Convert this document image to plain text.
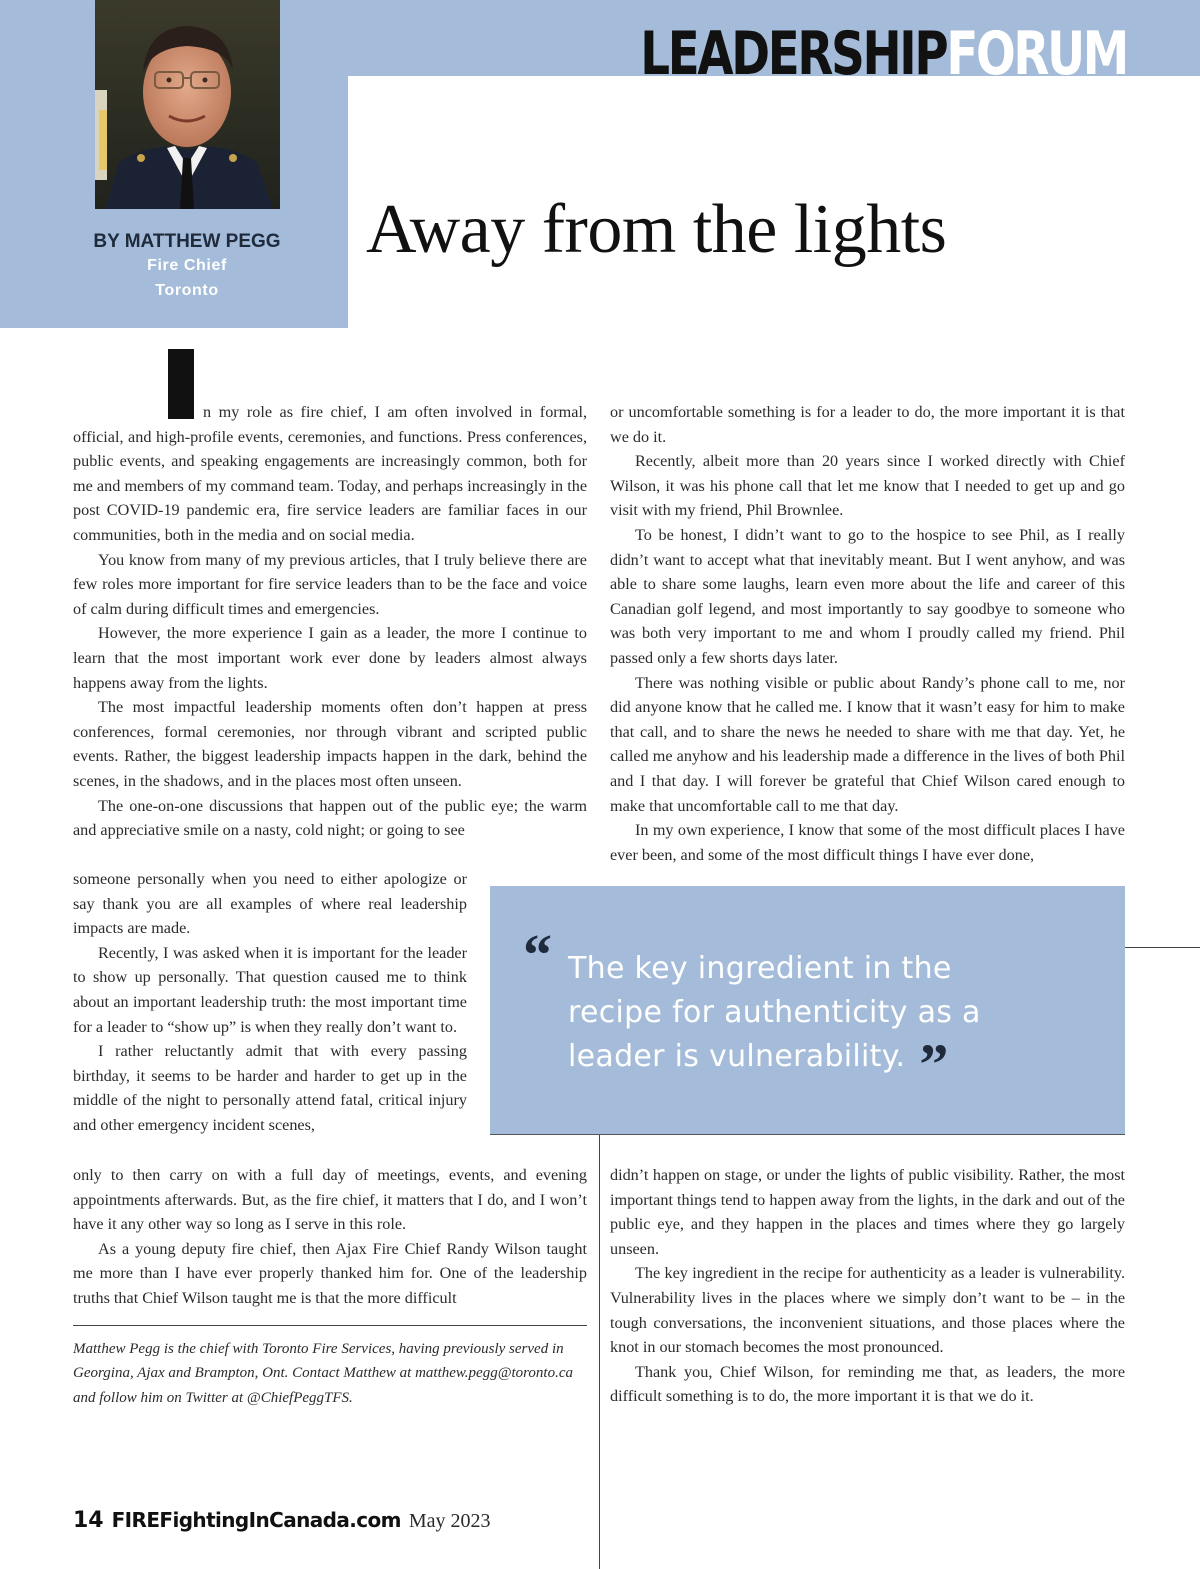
LEADERSHIPFORUM
BY MATTHEW PEGG
Fire Chief
Toronto
Away from the lights

n my role as fire chief, I am often involved in formal, official, and high-profile events, ceremonies, and functions. Press conferences, public events, and speaking engagements are increasingly common, both for me and members of my command team. Today, and perhaps increasingly in the post COVID-19 pandemic era, fire service leaders are familiar faces in our communities, both in the media and on social media.

You know from many of my previous articles, that I truly believe there are few roles more important for fire service leaders than to be the face and voice of calm during difficult times and emergencies.

However, the more experience I gain as a leader, the more I continue to learn that the most important work ever done by leaders almost always happens away from the lights.

The most impactful leadership moments often don’t happen at press conferences, formal ceremonies, nor through vibrant and scripted public events. Rather, the biggest leadership impacts happen in the dark, behind the scenes, in the shadows, and in the places most often unseen.

The one-on-one discussions that happen out of the public eye; the warm and appreciative smile on a nasty, cold night; or going to see

someone personally when you need to either apologize or say thank you are all examples of where real leadership impacts are made.

Recently, I was asked when it is important for the leader to show up personally. That question caused me to think about an important leadership truth: the most important time for a leader to “show up” is when they really don’t want to.

I rather reluctantly admit that with every passing birthday, it seems to be harder and harder to get up in the middle of the night to personally attend fatal, critical injury and other emergency incident scenes,

only to then carry on with a full day of meetings, events, and evening appointments afterwards. But, as the fire chief, it matters that I do, and I won’t have it any other way so long as I serve in this role.

As a young deputy fire chief, then Ajax Fire Chief Randy Wilson taught me more than I have ever properly thanked him for. One of the leadership truths that Chief Wilson taught me is that the more difficult

or uncomfortable something is for a leader to do, the more important it is that we do it.

Recently, albeit more than 20 years since I worked directly with Chief Wilson, it was his phone call that let me know that I needed to get up and go visit with my friend, Phil Brownlee.

To be honest, I didn’t want to go to the hospice to see Phil, as I really didn’t want to accept what that inevitably meant. But I went anyhow, and was able to share some laughs, learn even more about the life and career of this Canadian golf legend, and most importantly to say goodbye to someone who was both very important to me and whom I proudly called my friend. Phil passed only a few shorts days later.

There was nothing visible or public about Randy’s phone call to me, nor did anyone know that he called me. I know that it wasn’t easy for him to make that call, and to share the news he needed to share with me that day. Yet, he called me anyhow and his leadership made a difference in the lives of both Phil and I that day. I will forever be grateful that Chief Wilson cared enough to make that uncomfortable call to me that day.

In my own experience, I know that some of the most difficult places I have ever been, and some of the most difficult things I have ever done,

“ The key ingredient in the recipe for authenticity as a leader is vulnerability. ”

didn’t happen on stage, or under the lights of public visibility. Rather, the most important things tend to happen away from the lights, in the dark and out of the public eye, and they happen in the places and times where they go largely unseen.

The key ingredient in the recipe for authenticity as a leader is vulnerability. Vulnerability lives in the places where we simply don’t want to be – in the tough conversations, the inconvenient situations, and those places where the knot in our stomach becomes the most pronounced.

Thank you, Chief Wilson, for reminding me that, as leaders, the more difficult something is to do, the more important it is that we do it.

Matthew Pegg is the chief with Toronto Fire Services, having previously served in Georgina, Ajax and Brampton, Ont. Contact Matthew at matthew.pegg@toronto.ca and follow him on Twitter at @ChiefPeggTFS.

14 FIREFightingInCanada.com May 2023
